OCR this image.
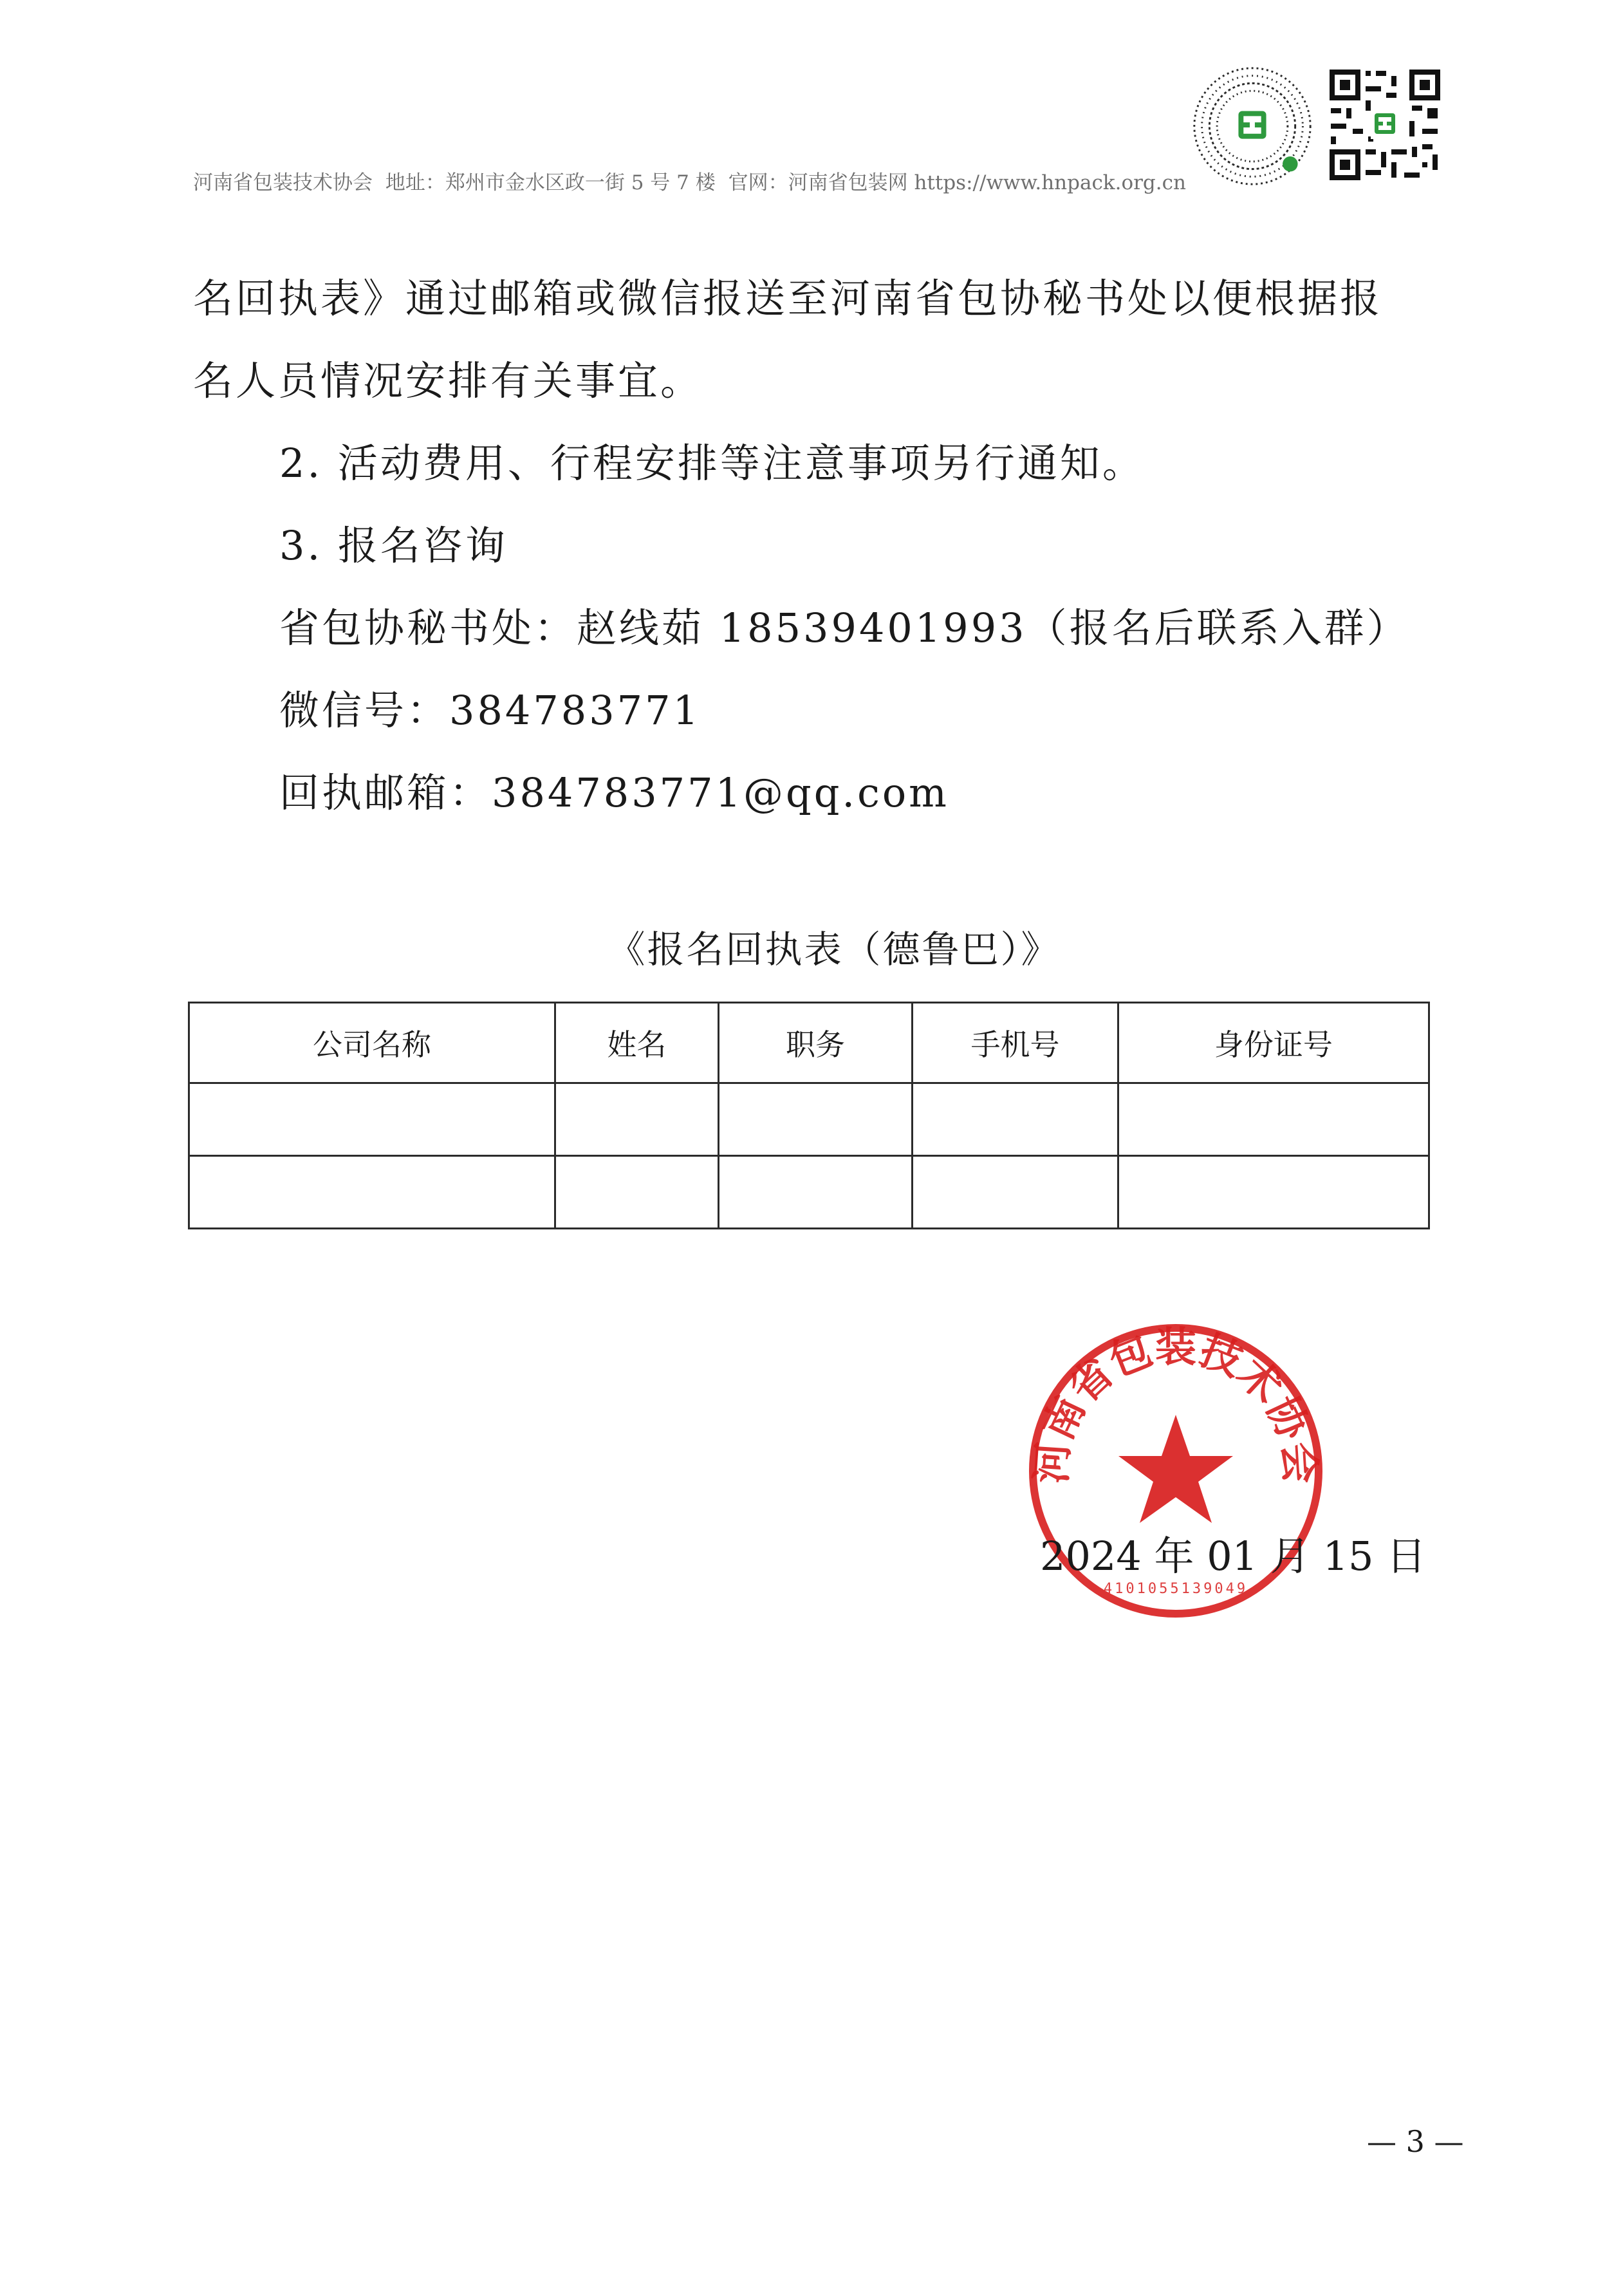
河南省包装技术协会 地址：郑州市金水区政一街 5 号 7 楼 官网：河南省包装网 https://www.hnpack.org.cn
名回执表》通过邮箱或微信报送至河南省包协秘书处以便根据报
名人员情况安排有关事宜。
2. 活动费用、行程安排等注意事项另行通知。
3. 报名咨询
省包协秘书处：赵线茹 18539401993（报名后联系入群）
微信号：384783771
回执邮箱：384783771@qq.com
《报名回执表（德鲁巴）》
公司名称	姓名	职务	手机号	身份证号

河南省包装技术协会
4101055139049
2024 年 01 月 15 日
— 3 —
